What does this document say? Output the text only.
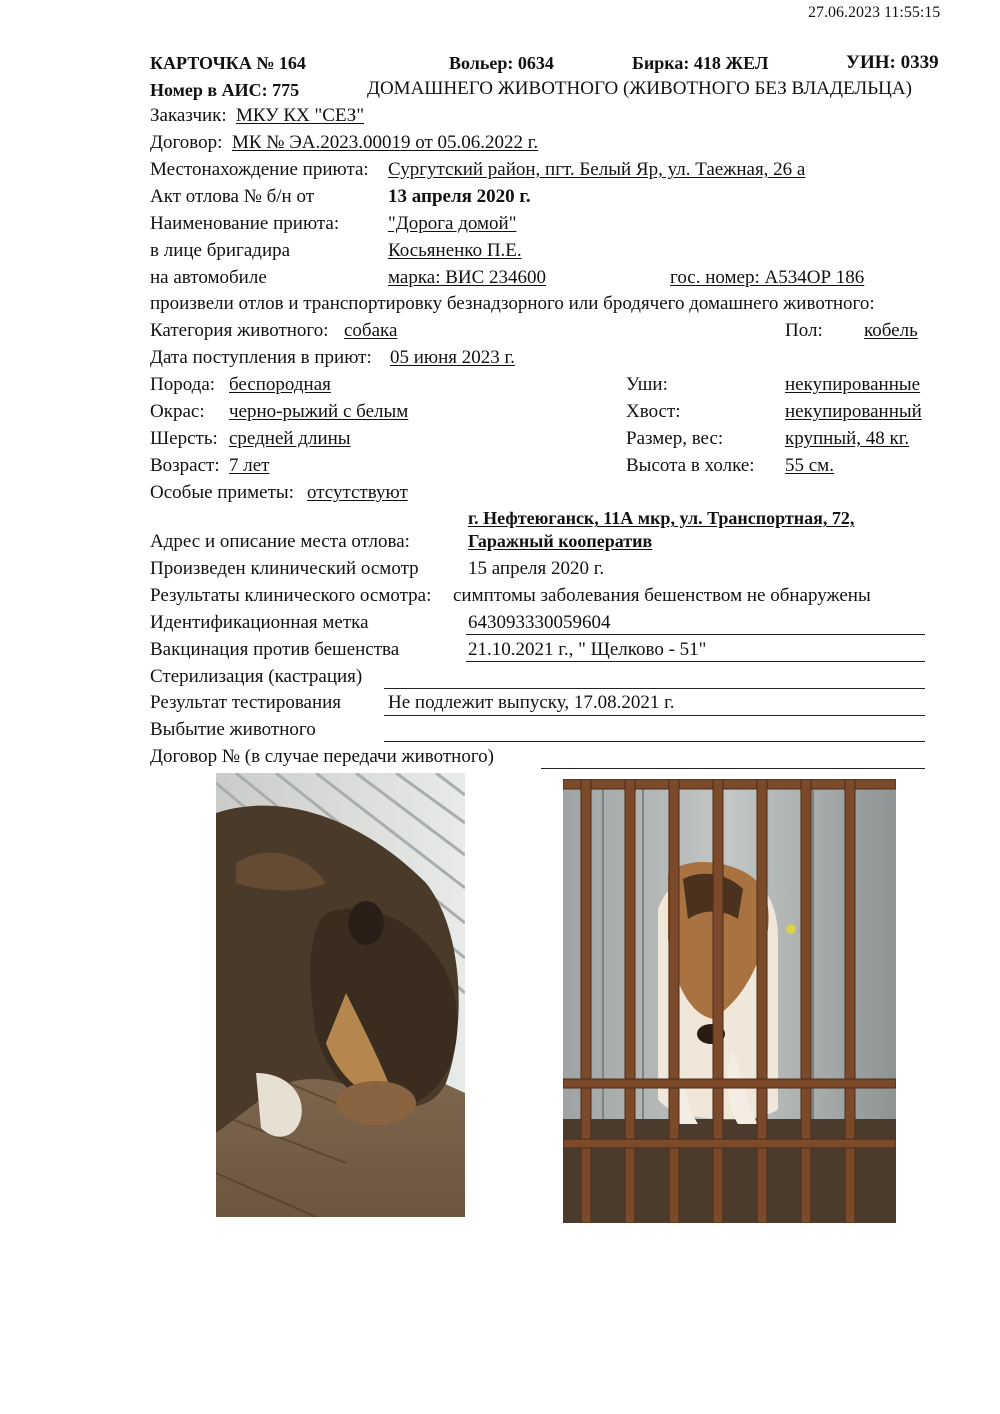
27.06.2023 11:55:15
КАРТОЧКА № 164	Вольер: 0634	Бирка: 418 ЖЕЛ	УИН: 0339
Номер в АИС: 775	ДОМАШНЕГО ЖИВОТНОГО (ЖИВОТНОГО БЕЗ ВЛАДЕЛЬЦА)
Заказчик: МКУ КХ "СЕЗ"
Договор: МК № ЭА.2023.00019 от 05.06.2022 г.
Местонахождение приюта: Сургутский район, пгт. Белый Яр, ул. Таежная, 26 а
Акт отлова № б/н от	13 апреля 2020 г.
Наименование приюта:	"Дорога домой"
в лице бригадира	Косьяненко П.Е.
на автомобиле	марка: ВИС 234600	гос. номер: А534ОР 186
произвели отлов и транспортировку безнадзорного или бродячего домашнего животного:
Категория животного: собака	Пол: кобель
Дата поступления в приют: 05 июня 2023 г.
Порода: беспородная	Уши:	некупированные
Окрас: черно-рыжий с белым	Хвост:	некупированный
Шерсть: средней длины	Размер, вес:	крупный, 48 кг.
Возраст: 7 лет	Высота в холке: 55 см.
Особые приметы: отсутствуют
г. Нефтеюганск, 11А мкр, ул. Транспортная, 72,
Адрес и описание места отлова:	Гаражный кооператив
Произведен клинический осмотр	15 апреля 2020 г.
Результаты клинического осмотра: симптомы заболевания бешенством не обнаружены
Идентификационная метка	643093330059604
Вакцинация против бешенства	21.10.2021 г., " Щелково - 51"
Стерилизация (кастрация)
Результат тестирования Не подлежит выпуску, 17.08.2021 г.
Выбытие животного
Договор № (в случае передачи животного)
